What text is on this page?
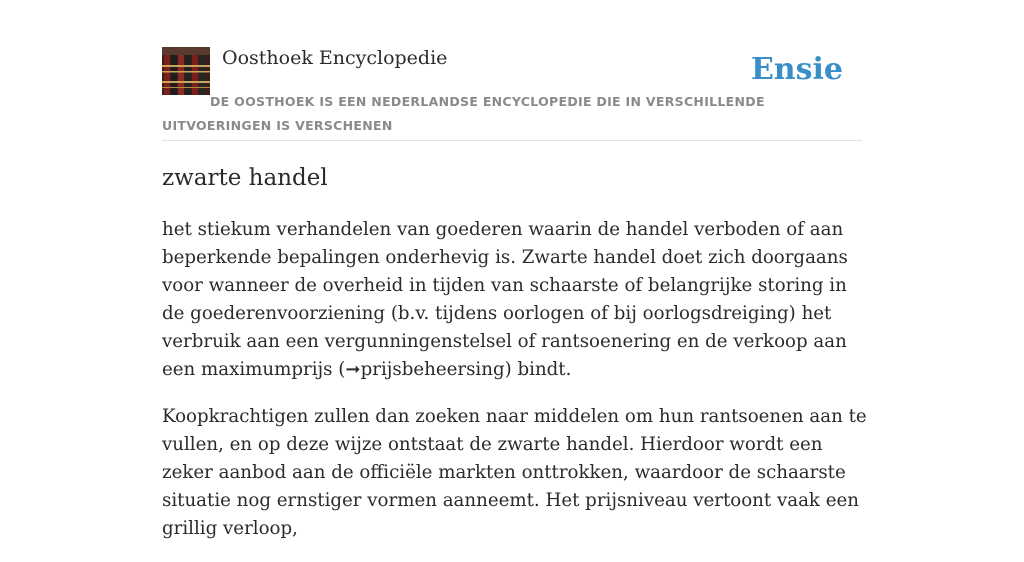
Oosthoek Encyclopedie	Ensie
DE OOSTHOEK IS EEN NEDERLANDSE ENCYCLOPEDIE DIE IN VERSCHILLENDE UITVOERINGEN IS VERSCHENEN
zwarte handel

het stiekum verhandelen van goederen waarin de handel verboden of aan beperkende bepalingen onderhevig is. Zwarte handel doet zich doorgaans voor wanneer de overheid in tijden van schaarste of belangrijke storing in de goederenvoorziening (b.v. tijdens oorlogen of bij oorlogsdreiging) het verbruik aan een vergunningenstelsel of rantsoenering en de verkoop aan een maximumprijs (➞prijsbeheersing) bindt.

Koopkrachtigen zullen dan zoeken naar middelen om hun rantsoenen aan te vullen, en op deze wijze ontstaat de zwarte handel. Hierdoor wordt een zeker aanbod aan de officiële markten onttrokken, waardoor de schaarste situatie nog ernstiger vormen aanneemt. Het prijsniveau vertoont vaak een grillig verloop,
